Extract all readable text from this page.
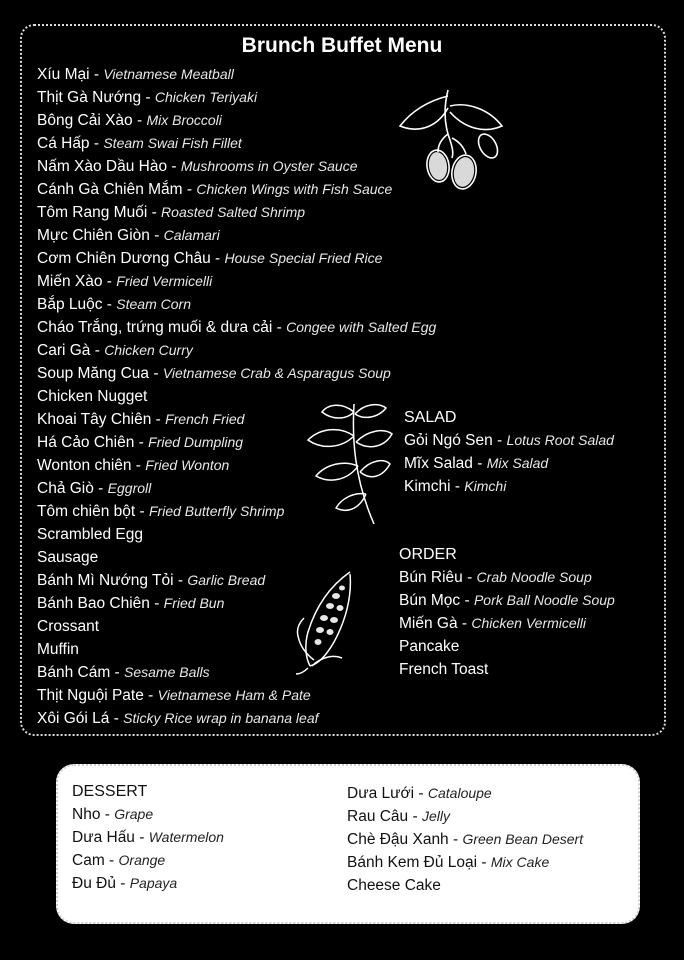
Brunch Buffet Menu
Xíu Mại - Vietnamese Meatball
Thịt Gà Nướng - Chicken Teriyaki
Bông Cải Xào - Mix Broccoli
Cá Hấp - Steam Swai Fish Fillet
Nấm Xào Dầu Hào - Mushrooms in Oyster Sauce
Cánh Gà Chiên Mắm - Chicken Wings with Fish Sauce
Tôm Rang Muối - Roasted Salted Shrimp
Mực Chiên Giòn - Calamari
Cơm Chiên Dương Châu - House Special Fried Rice
Miến Xào - Fried Vermicelli
Bắp Luộc - Steam Corn
Cháo Trắng, trứng muối & dưa cải - Congee with Salted Egg
Cari Gà - Chicken Curry
Soup Măng Cua - Vietnamese Crab & Asparagus Soup
Chicken Nugget
Khoai Tây Chiên - French Fried
Há Cảo Chiên - Fried Dumpling
Wonton chiên - Fried Wonton
Chả Giò - Eggroll
Tôm chiên bột - Fried Butterfly Shrimp
Scrambled Egg
Sausage
Bánh Mì Nướng Tỏi - Garlic Bread
Bánh Bao Chiên - Fried Bun
Crossant
Muffin
Bánh Cám - Sesame Balls
Thịt Nguội Pate - Vietnamese Ham & Pate
Xôi Gói Lá - Sticky Rice wrap in banana leaf
SALAD
Gỏi Ngó Sen - Lotus Root Salad
Mĩx Salad - Mix Salad
Kimchi - Kimchi
ORDER
Bún Riêu - Crab Noodle Soup
Bún Mọc - Pork Ball Noodle Soup
Miến Gà - Chicken Vermicelli
Pancake
French Toast
DESSERT
Nho - Grape
Dưa Hấu - Watermelon
Cam - Orange
Đu Đủ - Papaya
Dưa Lưới - Cataloupe
Rau Câu - Jelly
Chè Đậu Xanh - Green Bean Desert
Bánh Kem Đủ Loại - Mix Cake
Cheese Cake
